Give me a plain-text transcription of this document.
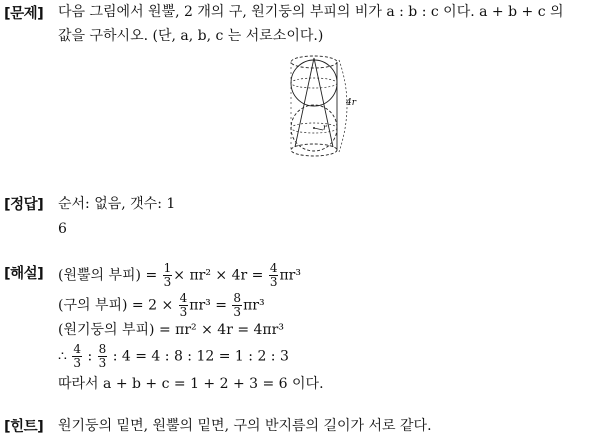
[문제] 다음 그림에서 원뿔, 2 개의 구, 원기둥의 부피의 비가 a : b : c 이다. a + b + c 의
값을 구하시오. (단, a, b, c 는 서로소이다.)
4r
r
[정답] 순서: 없음, 갯수: 1
6
[해설] (원뿔의 부피) = $\frac{1}{3} \times \pi r^2 \times 4r = \frac{4}{3} \pi r^3$
(구의 부피) = $2 \times \frac{4}{3} \pi r^3 = \frac{8}{3} \pi r^3$
(원기둥의 부피) = πr² × 4r = 4πr³
∴ $\frac{4}{3}$ : $\frac{8}{3}$ : 4 = 4 : 8 : 12 = 1 : 2 : 3
따라서 a + b + c = 1 + 2 + 3 = 6 이다.
[힌트] 원기둥의 밑면, 원뿔의 밑면, 구의 반지름의 길이가 서로 같다.
